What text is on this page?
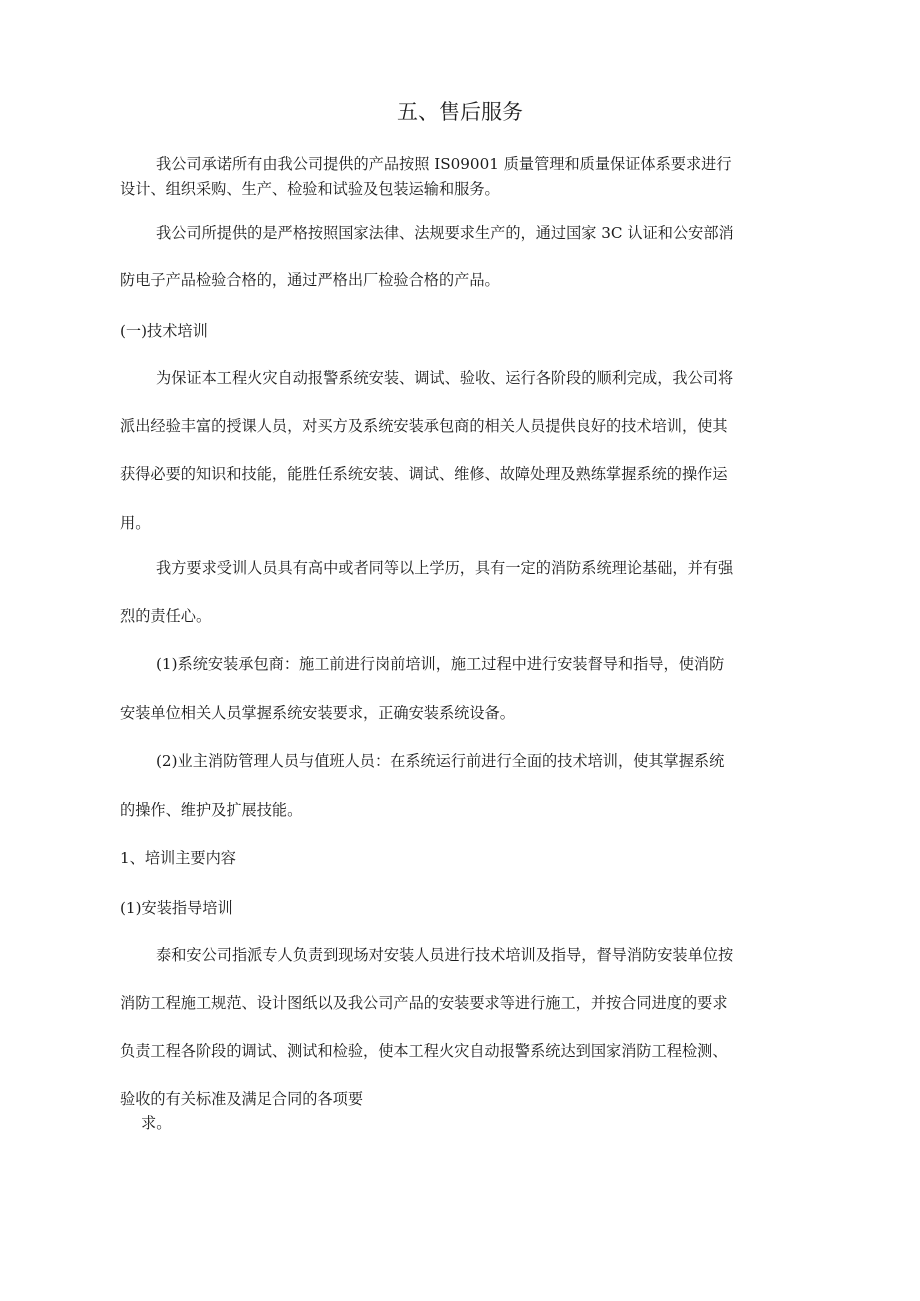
五、售后服务
我公司承诺所有由我公司提供的产品按照 IS09001 质量管理和质量保证体系要求进行
设计、组织采购、生产、检验和试验及包装运输和服务。
我公司所提供的是严格按照国家法律、法规要求生产的，通过国家 3C 认证和公安部消
防电子产品检验合格的，通过严格出厂检验合格的产品。
(一)技术培训
为保证本工程火灾自动报警系统安装、调试、验收、运行各阶段的顺利完成，我公司将
派出经验丰富的授课人员，对买方及系统安装承包商的相关人员提供良好的技术培训，使其
获得必要的知识和技能，能胜任系统安装、调试、维修、故障处理及熟练掌握系统的操作运
用。
我方要求受训人员具有高中或者同等以上学历，具有一定的消防系统理论基础，并有强
烈的责任心。
(1)系统安装承包商：施工前进行岗前培训，施工过程中进行安装督导和指导，使消防
安装单位相关人员掌握系统安装要求，正确安装系统设备。
(2)业主消防管理人员与值班人员：在系统运行前进行全面的技术培训，使其掌握系统
的操作、维护及扩展技能。
1、培训主要内容
(1)安装指导培训
泰和安公司指派专人负责到现场对安装人员进行技术培训及指导，督导消防安装单位按
消防工程施工规范、设计图纸以及我公司产品的安装要求等进行施工，并按合同进度的要求
负责工程各阶段的调试、测试和检验，使本工程火灾自动报警系统达到国家消防工程检测、
验收的有关标准及满足合同的各项要
求。
